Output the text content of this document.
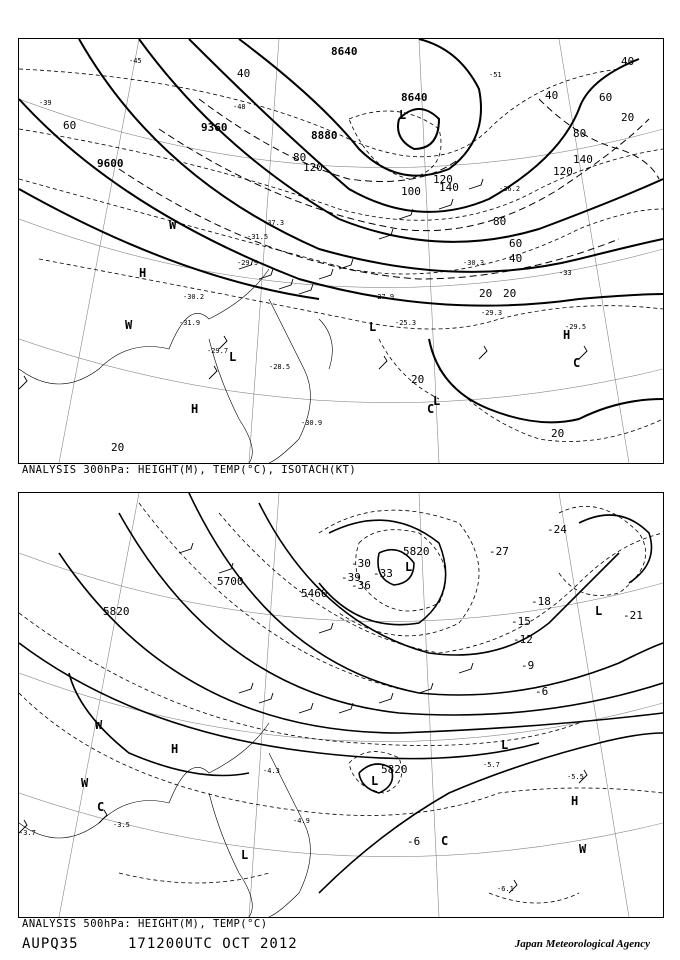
8640
8640
8880
9360
9600
40
60
80
100
120
140
120
80
60
40
20 20
20
20
40
60
40
80
120
140
20
20
-51
-45
-48
-39
-36.2
-37.3
-31.5
-29.9
-27.9
-25.3
-29.3
-30.3
-29.5
-29.7
-28.5
-30.9
-30.2
-31.9
-33
L
H
W
H
L
L
C
H
C
L
W
ANALYSIS 300hPa: HEIGHT(M), TEMP(°C), ISOTACH(KT)
5820
5700
5460
5820
5820
-39
-36
-33
-30
-27
-24
-21
-18
-15
-12
-9
-6
-6
-3.7
-4.3
-5.5
-6.1
-3.5	-4.9
-5.7
L
L
H
W
W
C
L
L
C
H
W
L
ANALYSIS 500hPa: HEIGHT(M), TEMP(°C)
AUPQ35	171200UTC OCT 2012	Japan Meteorological Agency
